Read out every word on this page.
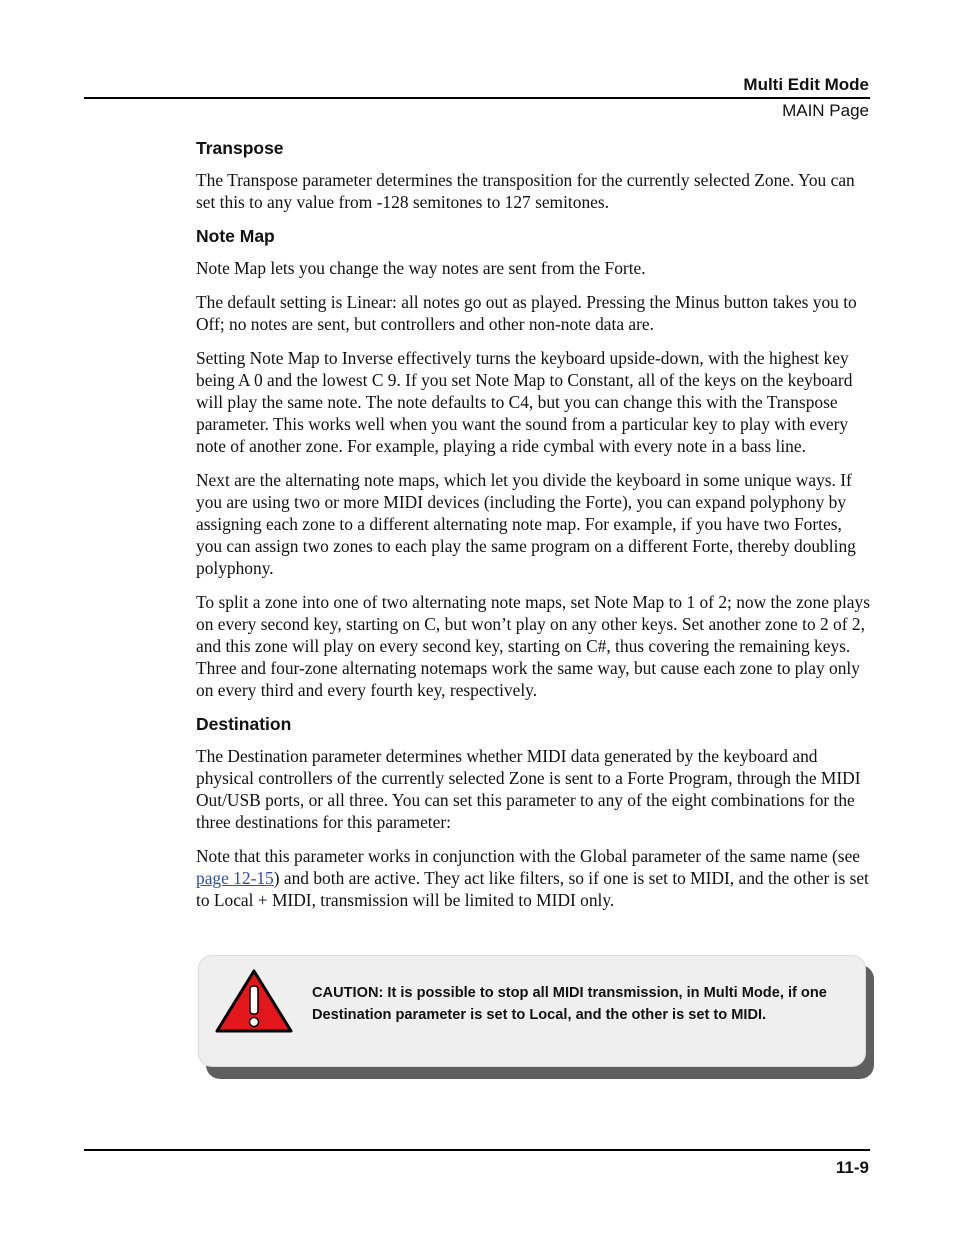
Multi Edit Mode
MAIN Page
Transpose

The Transpose parameter determines the transposition for the currently selected Zone. You can set this to any value from -128 semitones to 127 semitones.

Note Map

Note Map lets you change the way notes are sent from the Forte.

The default setting is Linear: all notes go out as played. Pressing the Minus button takes you to Off; no notes are sent, but controllers and other non-note data are.

Setting Note Map to Inverse effectively turns the keyboard upside-down, with the highest key being A 0 and the lowest C 9. If you set Note Map to Constant, all of the keys on the keyboard will play the same note. The note defaults to C4, but you can change this with the Transpose parameter. This works well when you want the sound from a particular key to play with every note of another zone. For example, playing a ride cymbal with every note in a bass line.

Next are the alternating note maps, which let you divide the keyboard in some unique ways. If you are using two or more MIDI devices (including the Forte), you can expand polyphony by assigning each zone to a different alternating note map. For example, if you have two Fortes, you can assign two zones to each play the same program on a different Forte, thereby doubling polyphony.

To split a zone into one of two alternating note maps, set Note Map to 1 of 2; now the zone plays on every second key, starting on C, but won’t play on any other keys. Set another zone to 2 of 2, and this zone will play on every second key, starting on C#, thus covering the remaining keys. Three and four-zone alternating notemaps work the same way, but cause each zone to play only on every third and every fourth key, respectively.

Destination

The Destination parameter determines whether MIDI data generated by the keyboard and physical controllers of the currently selected Zone is sent to a Forte Program, through the MIDI Out/USB ports, or all three. You can set this parameter to any of the eight combinations for the three destinations for this parameter:

Note that this parameter works in conjunction with the Global parameter of the same name (see page 12-15) and both are active. They act like filters, so if one is set to MIDI, and the other is set to Local + MIDI, transmission will be limited to MIDI only.

CAUTION: It is possible to stop all MIDI transmission, in Multi Mode, if one Destination parameter is set to Local, and the other is set to MIDI.
11-9
